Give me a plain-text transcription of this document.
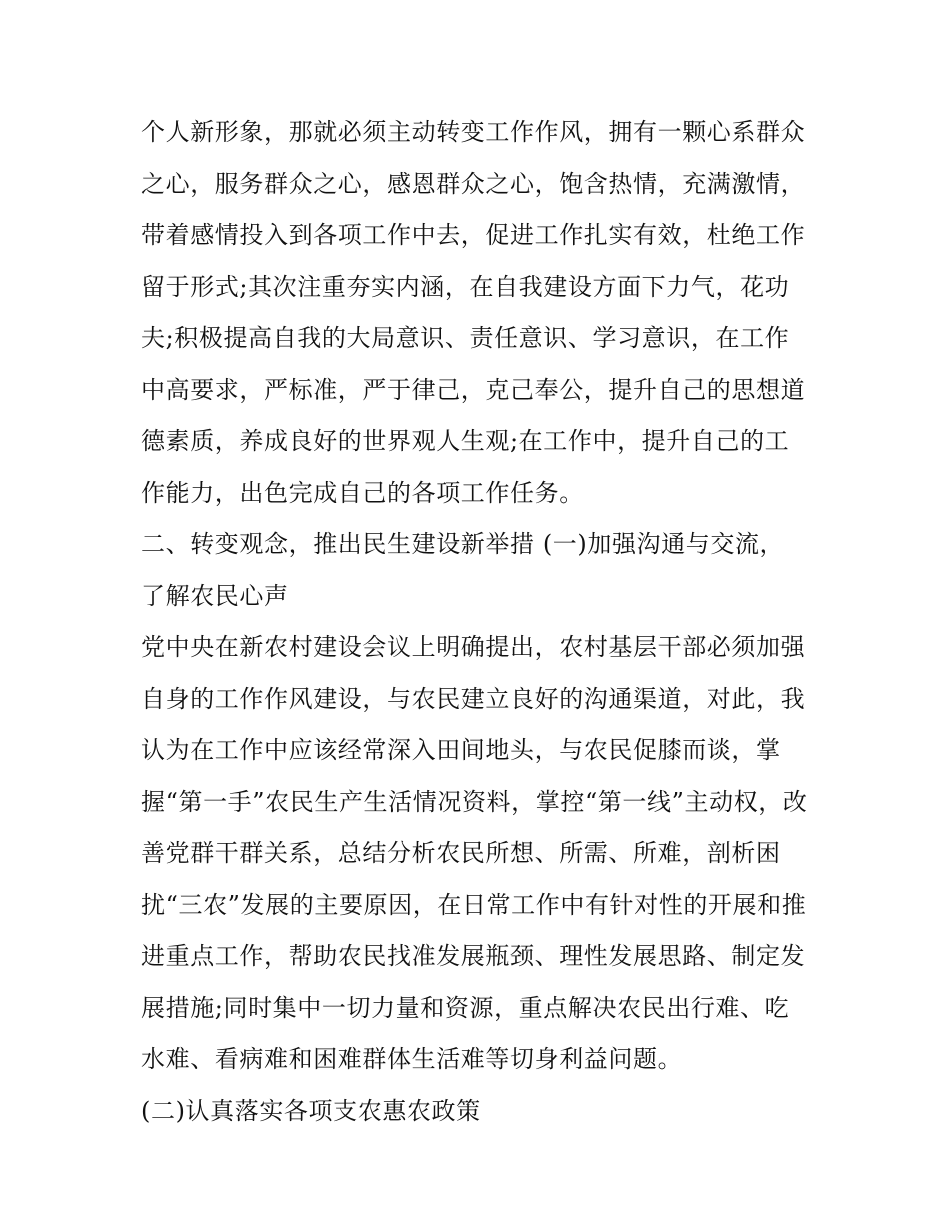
个人新形象，那就必须主动转变工作作风，拥有一颗心系群众
之心，服务群众之心，感恩群众之心，饱含热情，充满激情，
带着感情投入到各项工作中去，促进工作扎实有效，杜绝工作
留于形式;其次注重夯实内涵，在自我建设方面下力气，花功
夫;积极提高自我的大局意识、责任意识、学习意识，在工作
中高要求，严标准，严于律己，克己奉公，提升自己的思想道
德素质，养成良好的世界观人生观;在工作中，提升自己的工
作能力，出色完成自己的各项工作任务。
二、转变观念，推出民生建设新举措 (一)加强沟通与交流，
了解农民心声
党中央在新农村建设会议上明确提出，农村基层干部必须加强
自身的工作作风建设，与农民建立良好的沟通渠道，对此，我
认为在工作中应该经常深入田间地头，与农民促膝而谈，掌
握“第一手”农民生产生活情况资料，掌控“第一线”主动权，改
善党群干群关系，总结分析农民所想、所需、所难，剖析困
扰“三农”发展的主要原因，在日常工作中有针对性的开展和推
进重点工作，帮助农民找准发展瓶颈、理性发展思路、制定发
展措施;同时集中一切力量和资源，重点解决农民出行难、吃
水难、看病难和困难群体生活难等切身利益问题。
(二)认真落实各项支农惠农政策
